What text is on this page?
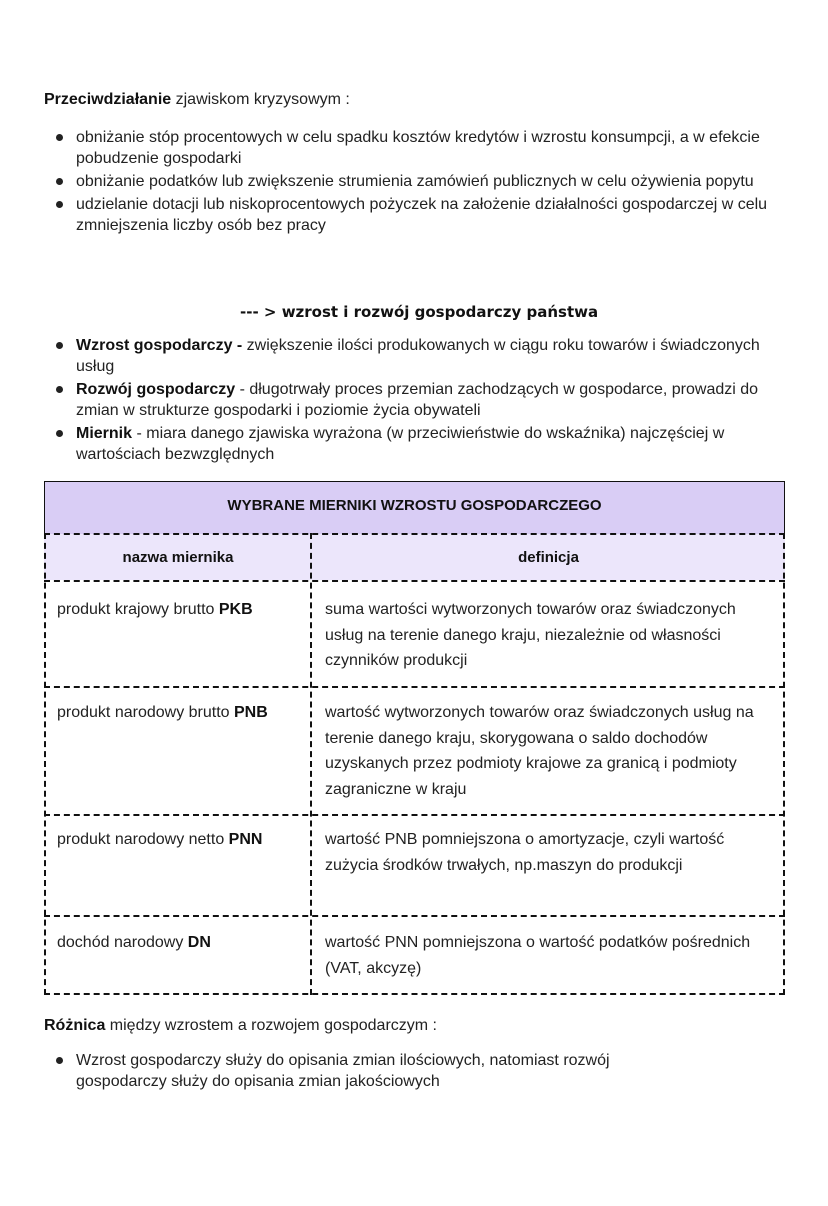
Przeciwdziałanie zjawiskom kryzysowym :

obniżanie stóp procentowych w celu spadku kosztów kredytów i wzrostu konsumpcji, a w efekcie pobudzenie gospodarki
obniżanie podatków lub zwiększenie strumienia zamówień publicznych w celu ożywienia popytu
udzielanie dotacji lub niskoprocentowych pożyczek na założenie działalności gospodarczej w celu zmniejszenia liczby osób bez pracy
--- > wzrost i rozwój gospodarczy państwa
Wzrost gospodarczy - zwiększenie ilości produkowanych w ciągu roku towarów i świadczonych usług
Rozwój gospodarczy - długotrwały proces przemian zachodzących w gospodarce, prowadzi do zmian w strukturze gospodarki i poziomie życia obywateli
Miernik - miara danego zjawiska wyrażona (w przeciwieństwie do wskaźnika) najczęściej w wartościach bezwzględnych
WYBRANE MIERNIKI WZROSTU GOSPODARCZEGO
nazwa miernika	definicja
produkt krajowy brutto PKB	suma wartości wytworzonych towarów oraz świadczonych usług na terenie danego kraju, niezależnie od własności czynników produkcji
produkt narodowy brutto PNB	wartość wytworzonych towarów oraz świadczonych usług na terenie danego kraju, skorygowana o saldo dochodów uzyskanych przez podmioty krajowe za granicą i podmioty zagraniczne w kraju
produkt narodowy netto PNN	wartość PNB pomniejszona o amortyzacje, czyli wartość zużycia środków trwałych, np.maszyn do produkcji
dochód narodowy DN	wartość PNN pomniejszona o wartość podatków pośrednich (VAT, akcyzę)

Różnica między wzrostem a rozwojem gospodarczym :

Wzrost gospodarczy służy do opisania zmian ilościowych, natomiast rozwój gospodarczy służy do opisania zmian jakościowych
